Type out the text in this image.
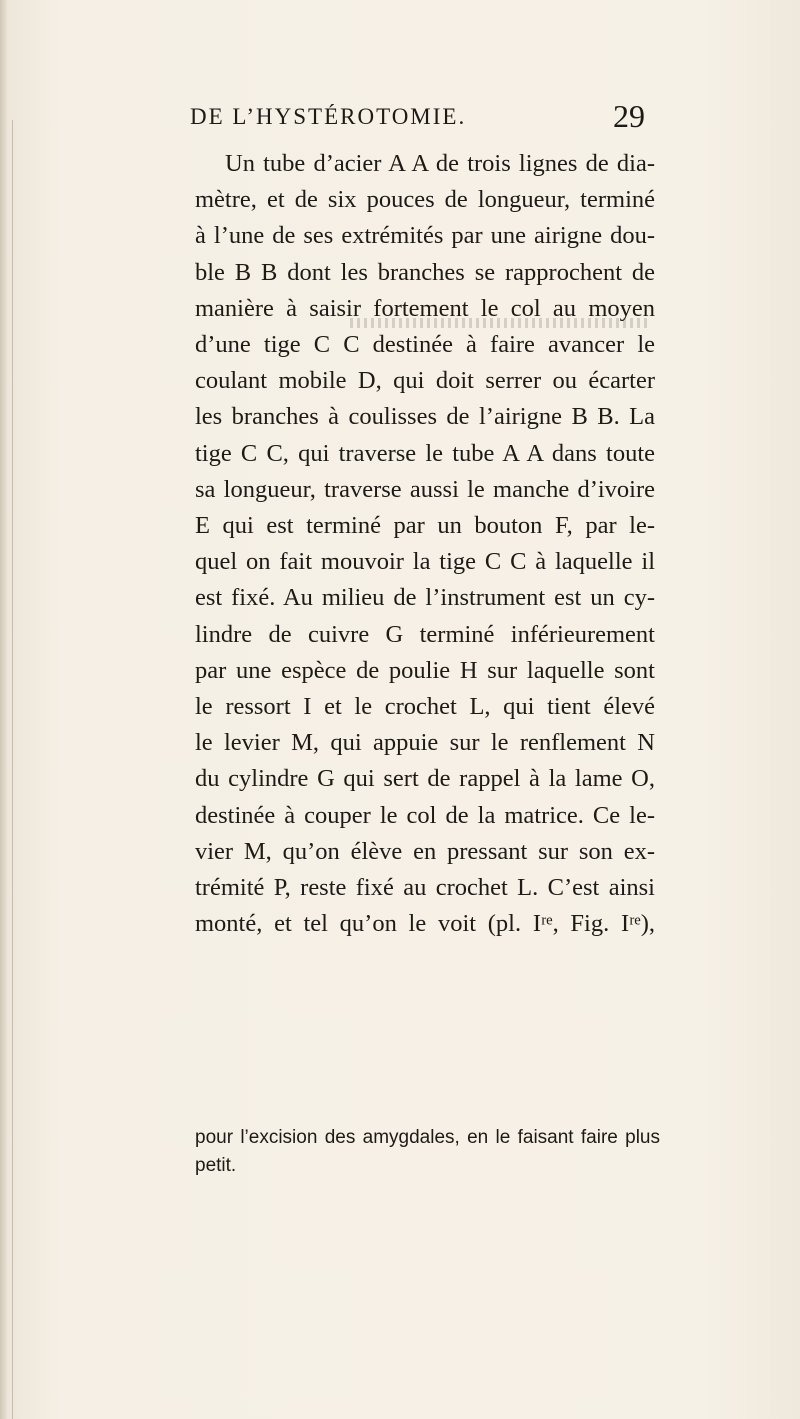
DE L’HYSTÉROTOMIE.	29
Un tube d’acier A A de trois lignes de dia-
mètre, et de six pouces de longueur, terminé
à l’une de ses extrémités par une airigne dou-
ble B B dont les branches se rapprochent de
manière à saisir fortement le col au moyen
d’une tige C C destinée à faire avancer le
coulant mobile D, qui doit serrer ou écarter
les branches à coulisses de l’airigne B B. La
tige C C, qui traverse le tube A A dans toute
sa longueur, traverse aussi le manche d’ivoire
E qui est terminé par un bouton F, par le-
quel on fait mouvoir la tige C C à laquelle il
est fixé. Au milieu de l’instrument est un cy-
lindre de cuivre G terminé inférieurement
par une espèce de poulie H sur laquelle sont
le ressort I et le crochet L, qui tient élevé
le levier M, qui appuie sur le renflement N
du cylindre G qui sert de rappel à la lame O,
destinée à couper le col de la matrice. Ce le-
vier M, qu’on élève en pressant sur son ex-
trémité P, reste fixé au crochet L. C’est ainsi
monté, et tel qu’on le voit (pl. Iʳᵉ, Fig. Iʳᵉ),
pour l’excision des amygdales, en le faisant faire plus
petit.
